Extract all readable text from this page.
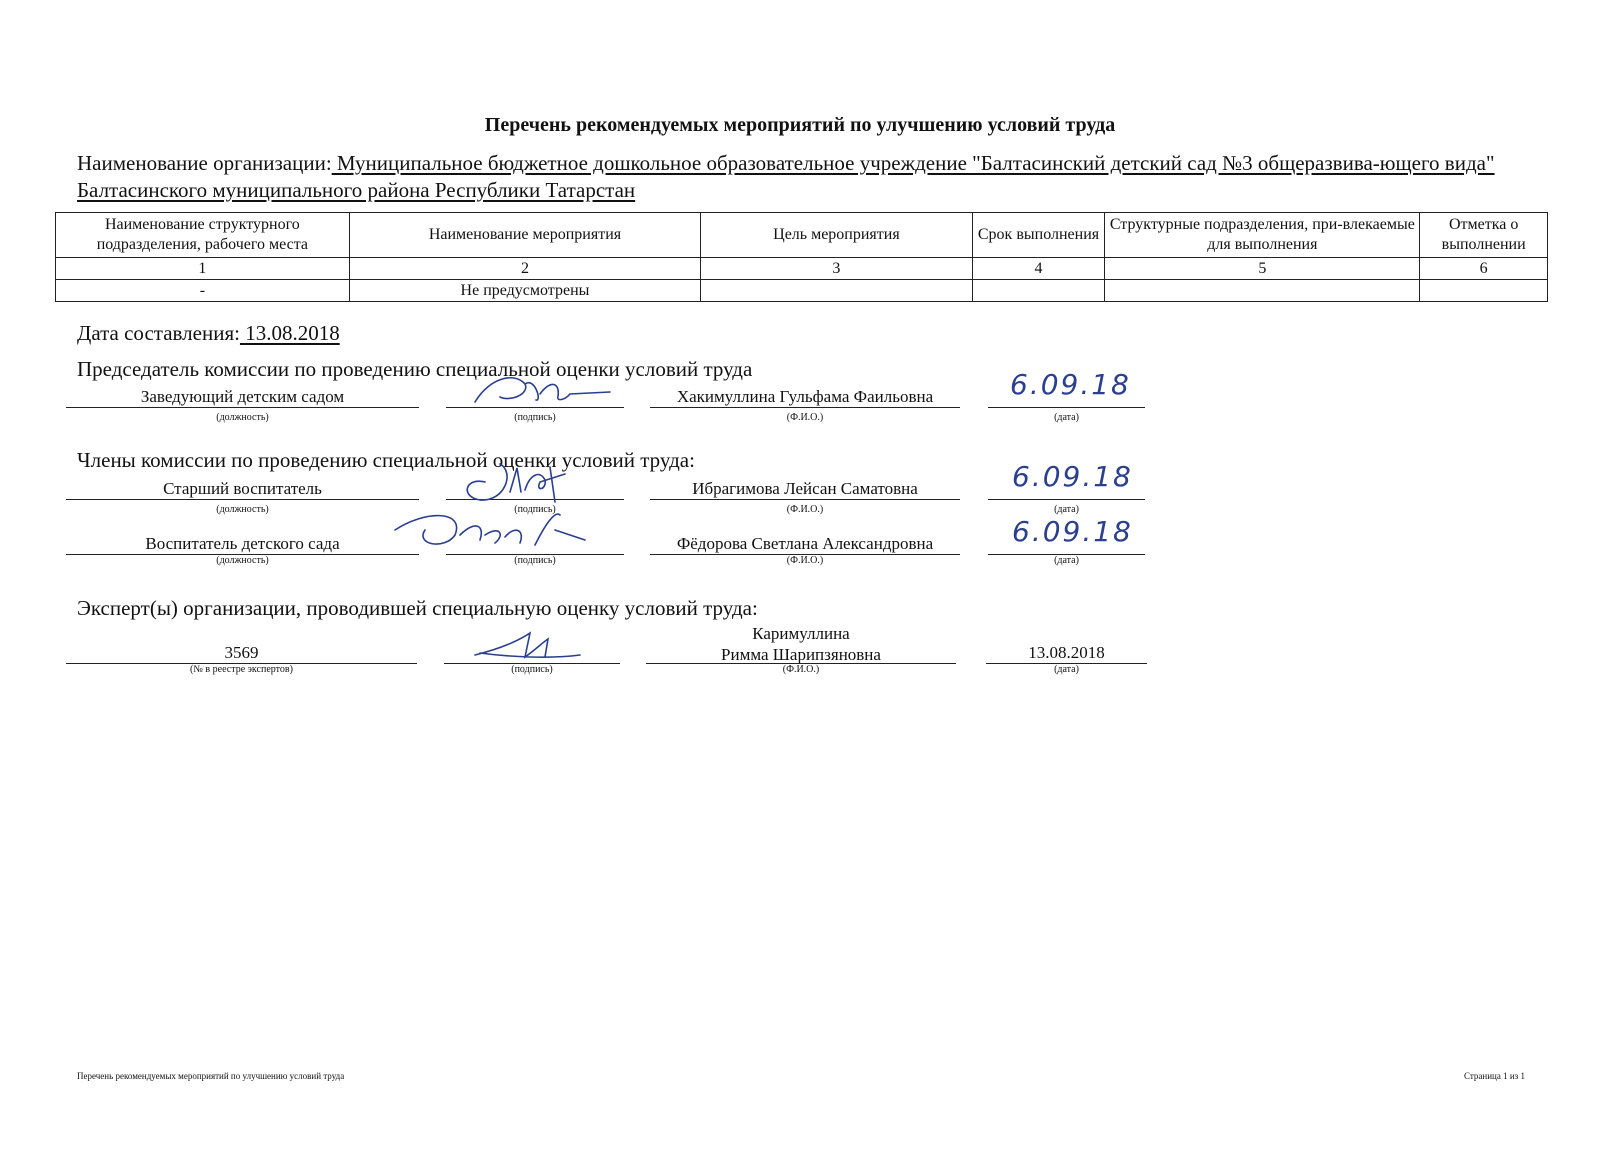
Перечень рекомендуемых мероприятий по улучшению условий труда
Наименование организации: Муниципальное бюджетное дошкольное образовательное учреждение "Балтасинский детский сад №3 общеразвива-ющего вида" Балтасинского муниципального района Республики Татарстан
Наименование структурного подразделения, рабочего места	Наименование мероприятия	Цель мероприятия	Срок выполнения	Структурные подразделения, при-влекаемые для выполнения	Отметка о выполнении
1	2	3	4	5	6
-	Не предусмотрены				
Дата составления: 13.08.2018
Председатель комиссии по проведению специальной оценки условий труда
Заведующий детским садом
(должность)	(подпись)
Хакимуллина Гульфама Фаильовна
(Ф.И.О.)
6.09.18
(дата)
Члены комиссии по проведению специальной оценки условий труда:
Старший воспитатель
(должность)	(подпись)
Ибрагимова Лейсан Саматовна
(Ф.И.О.)
6.09.18
(дата)
Воспитатель детского сада
(должность)	(подпись)
Фёдорова Светлана Александровна
(Ф.И.О.)
6.09.18
(дата)
Эксперт(ы) организации, проводившей специальную оценку условий труда:
3569
(№ в реестре экспертов)	(подпись)
Каримуллина
Римма Шарипзяновна
(Ф.И.О.)
13.08.2018
(дата)
Перечень рекомендуемых мероприятий по улучшению условий труда	Страница 1 из 1
